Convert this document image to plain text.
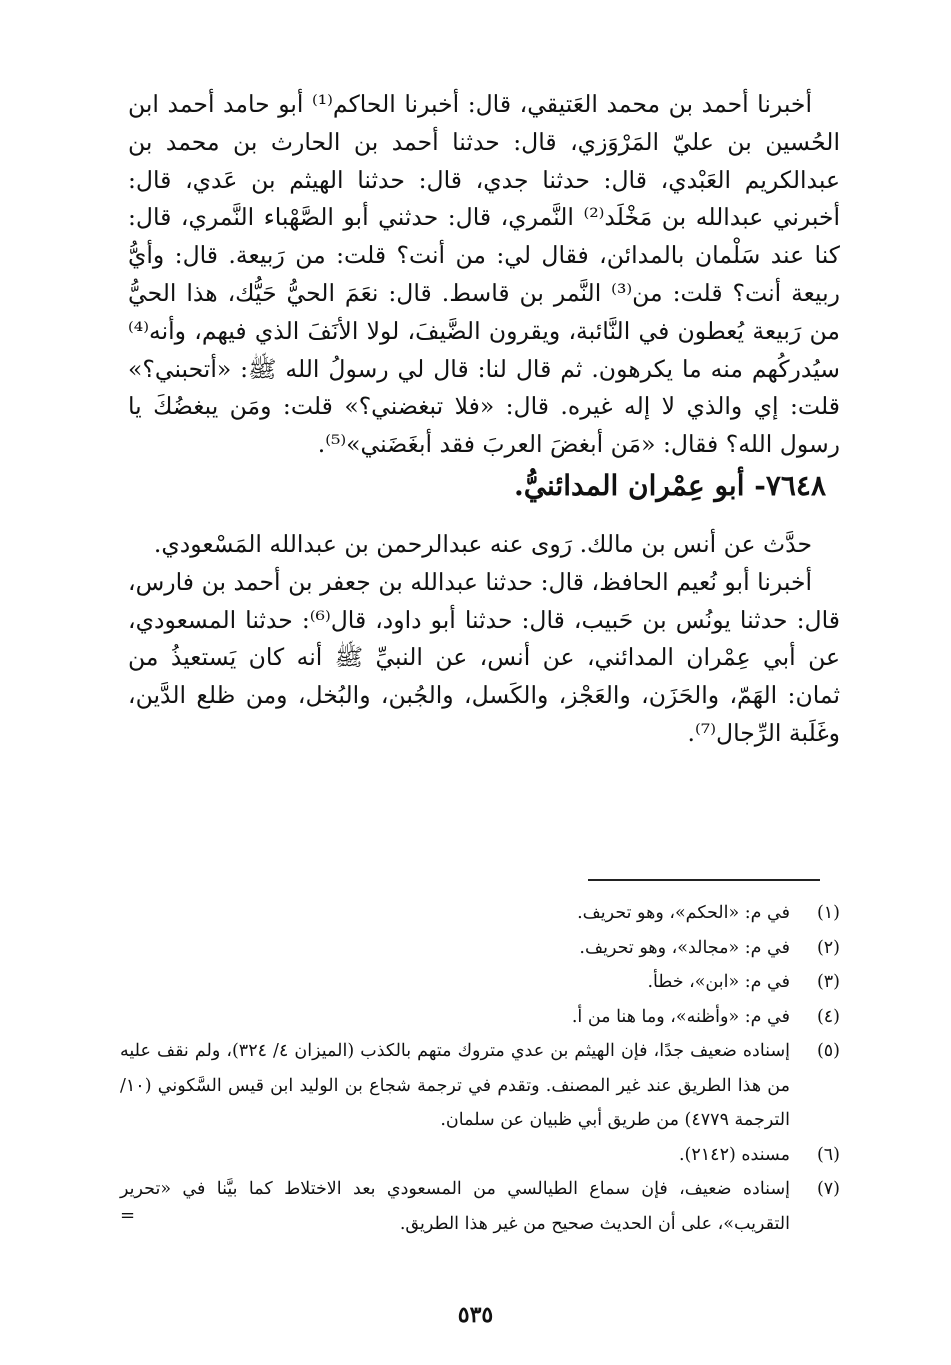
أخبرنا أحمد بن محمد العَتيقي، قال: أخبرنا الحاكم⁽¹⁾ أبو حامد أحمد ابن الحُسين بن عليّ المَرْوَزي، قال: حدثنا أحمد بن الحارث بن محمد بن عبدالكريم العَبْدي، قال: حدثنا جدي، قال: حدثنا الهيثم بن عَدي، قال: أخبرني عبدالله بن مَخْلَد⁽²⁾ النَّمري، قال: حدثني أبو الصَّهْباء النَّمري، قال: كنا عند سَلْمان بالمدائن، فقال لي: من أنت؟ قلت: من رَبيعة. قال: وأيُّ ربيعة أنت؟ قلت: من⁽³⁾ النَّمر بن قاسط. قال: نعَمَ الحيُّ حَيُّك، هذا الحيُّ من رَبيعة يُعطون في النَّائبة، ويقرون الضَّيفَ، لولا الأنَفَ الذي فيهم، وأنه⁽⁴⁾ سيُدركُهم منه ما يكرهون. ثم قال لنا: قال لي رسولُ الله ﷺ: «أتحبني؟» قلت: إي والذي لا إله غيره. قال: «فلا تبغضني؟» قلت: ومَن يبغضُكَ يا رسول الله؟ فقال: «مَن أبغضَ العربَ فقد أبغَضَني»⁽⁵⁾.

٧٦٤٨- أبو عِمْران المدائنيُّ.

حدَّث عن أنس بن مالك. رَوى عنه عبدالرحمن بن عبدالله المَسْعودي.

أخبرنا أبو نُعيم الحافظ، قال: حدثنا عبدالله بن جعفر بن أحمد بن فارس، قال: حدثنا يونُس بن حَبيب، قال: حدثنا أبو داود، قال⁽⁶⁾: حدثنا المسعودي، عن أبي عِمْران المدائني، عن أنس، عن النبيِّ ﷺ أنه كان يَستعيذُ من ثمان: الهَمّ، والحَزَن، والعَجْز، والكَسل، والجُبن، والبُخل، ومن ظلع الدَّين، وغَلَبة الرِّجال⁽⁷⁾.

(١)
في م: «الحكم»، وهو تحريف.
(٢)
في م: «مجالد»، وهو تحريف.
(٣)
في م: «ابن»، خطأ.
(٤)
في م: «وأظنه»، وما هنا من أ.
(٥)
إسناده ضعيف جدًا، فإن الهيثم بن عدي متروك متهم بالكذب (الميزان ٤/ ٣٢٤)، ولم نقف عليه من هذا الطريق عند غير المصنف. وتقدم في ترجمة شجاع بن الوليد ابن قيس السَّكوني (١٠/ الترجمة ٤٧٧٩) من طريق أبي ظبيان عن سلمان.
(٦)
مسنده (٢١٤٢).
(٧)
إسناده ضعيف، فإن سماع الطيالسي من المسعودي بعد الاختلاط كما بيَّنا في «تحرير التقريب»، على أن الحديث صحيح من غير هذا الطريق.
=
٥٣٥
